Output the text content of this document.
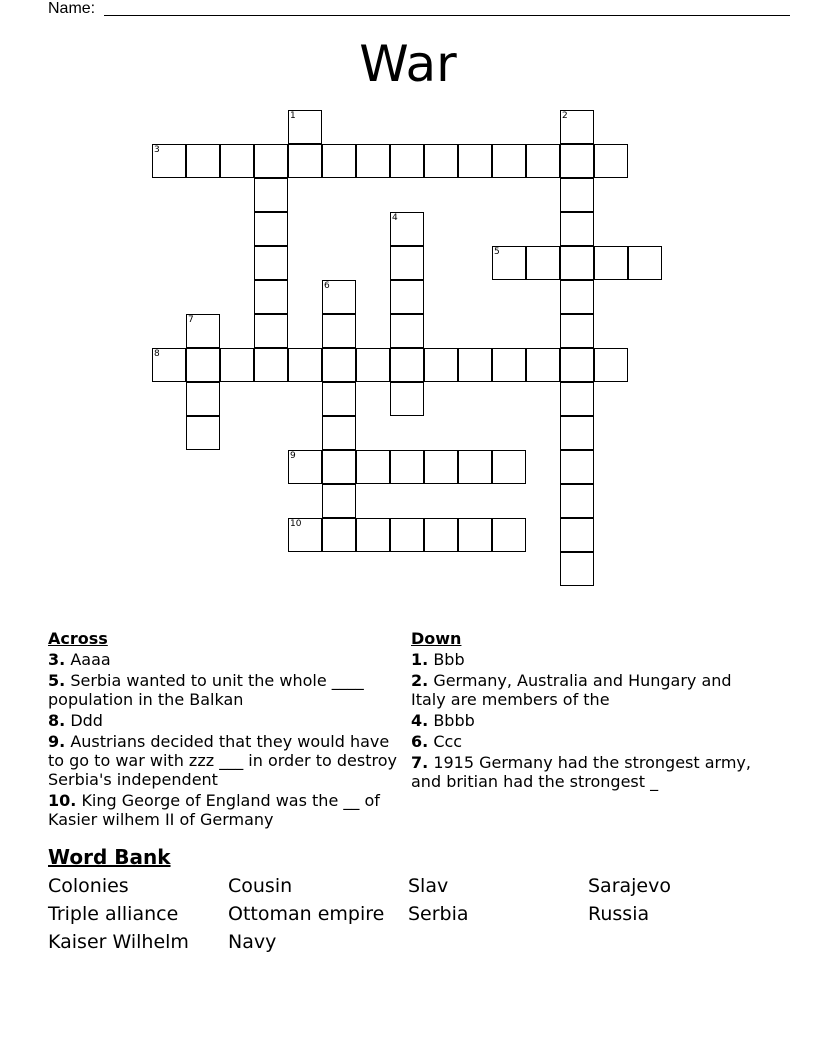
Name:
War
1	2
3
4
5
6
7
8
9
10
Across
3. Aaaa
5. Serbia wanted to unit the whole ____ population in the Balkan
8. Ddd
9. Austrians decided that they would have to go to war with zzz ___ in order to destroy Serbia's independent
10. King George of England was the __ of Kasier wilhem II of Germany
Down
1. Bbb
2. Germany, Australia and Hungary and Italy are members of the
4. Bbbb
6. Ccc
7. 1915 Germany had the strongest army, and britian had the strongest _
Word Bank
Colonies	Cousin	Slav	Sarajevo
Triple alliance	Ottoman empire	Serbia	Russia
Kaiser Wilhelm	Navy
